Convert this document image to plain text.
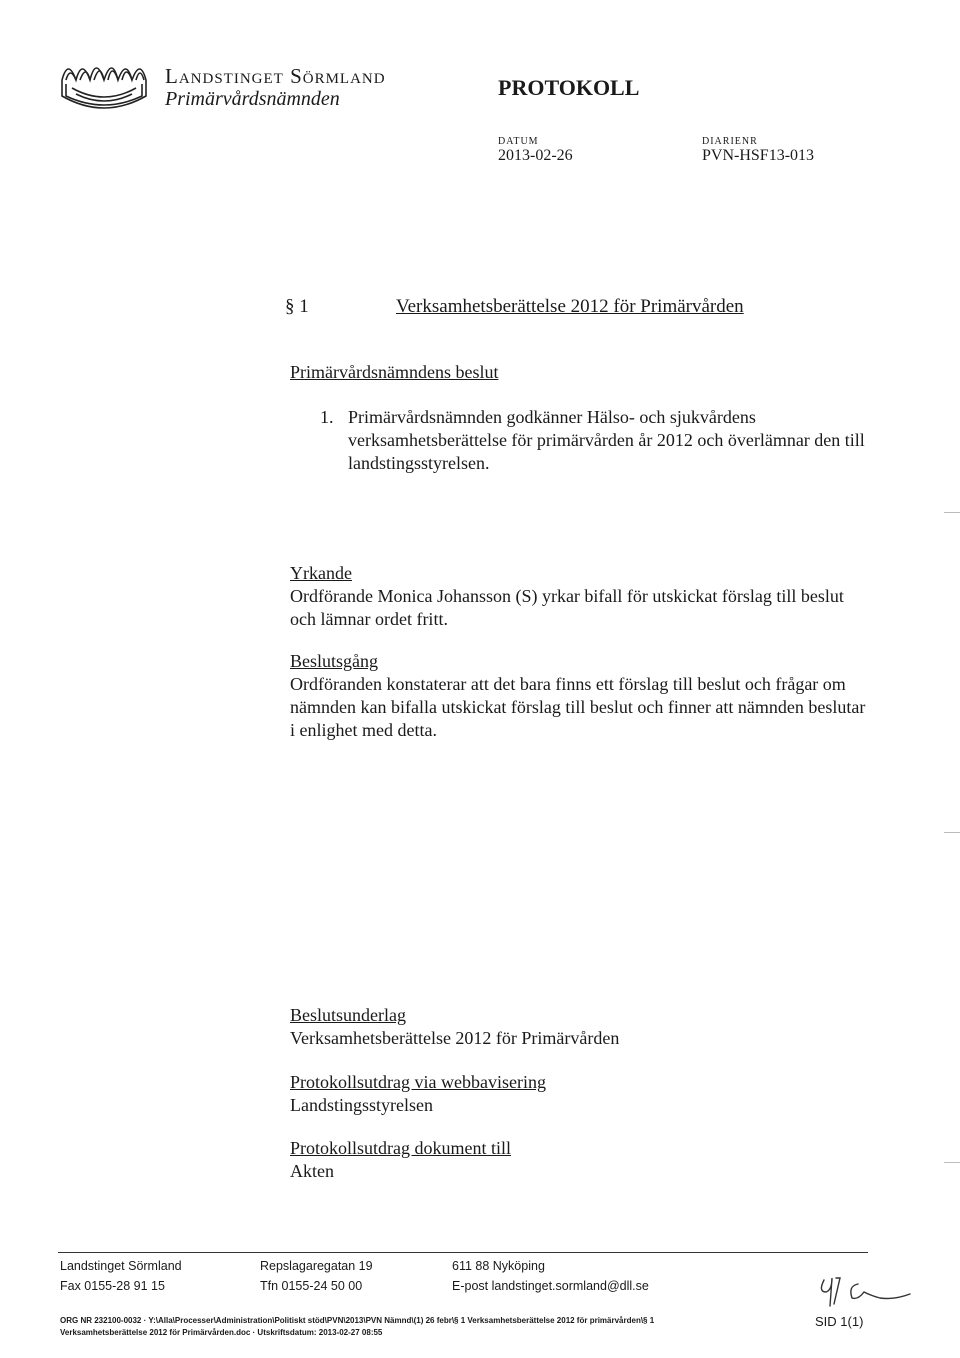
Landstinget Sörmland
Primärvårdsnämnden	PROTOKOLL
DATUM
2013-02-26
DIARIENR
PVN-HSF13-013
§ 1	Verksamhetsberättelse 2012 för Primärvården
Primärvårdsnämndens beslut
1. Primärvårdsnämnden godkänner Hälso- och sjukvårdens verksamhetsberättelse för primärvården år 2012 och överlämnar den till landstingsstyrelsen.
Yrkande
Ordförande Monica Johansson (S) yrkar bifall för utskickat förslag till beslut och lämnar ordet fritt.
Beslutsgång
Ordföranden konstaterar att det bara finns ett förslag till beslut och frågar om nämnden kan bifalla utskickat förslag till beslut och finner att nämnden beslutar i enlighet med detta.
Beslutsunderlag
Verksamhetsberättelse 2012 för Primärvården
Protokollsutdrag via webbavisering
Landstingsstyrelsen
Protokollsutdrag dokument till
Akten
Landstinget Sörmland
Fax 0155-28 91 15
Repslagaregatan 19
Tfn 0155-24 50 00
611 88 Nyköping
E-post landstinget.sormland@dll.se
ORG NR 232100-0032 · Y:\Alla\Processer\Administration\Politiskt stöd\PVN\2013\PVN Nämnd\(1) 26 febr\§ 1 Verksamhetsberättelse 2012 för primärvården\§ 1
Verksamhetsberättelse 2012 för Primärvården.doc · Utskriftsdatum: 2013-02-27 08:55
SID 1(1)
